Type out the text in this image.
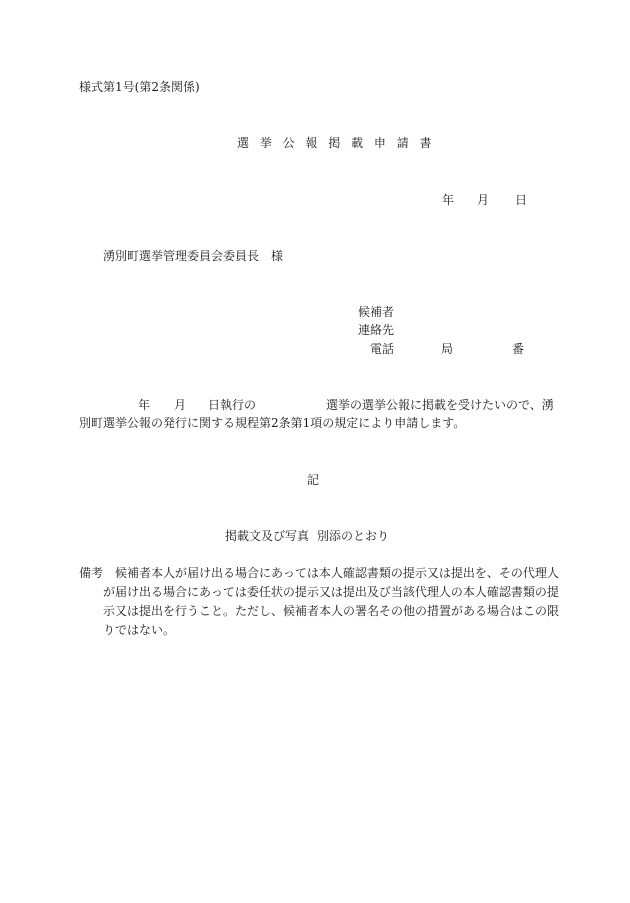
様式第1号(第2条関係)
選 挙 公 報 掲 載 申 請 書
年 月 日
湧別町選挙管理委員会委員長　様
候補者
連絡先
電話	局	番
年 月 日執行の	選挙の選挙公報に掲載を受けたいので、湧
別町選挙公報の発行に関する規程第2条第1項の規定により申請します。
記
掲載文及び写真 別添のとおり
備考 候補者本人が届け出る場合にあっては本人確認書類の提示又は提出を、その代理人
が届け出る場合にあっては委任状の提示又は提出及び当該代理人の本人確認書類の提
示又は提出を行うこと。ただし、候補者本人の署名その他の措置がある場合はこの限
りではない。
